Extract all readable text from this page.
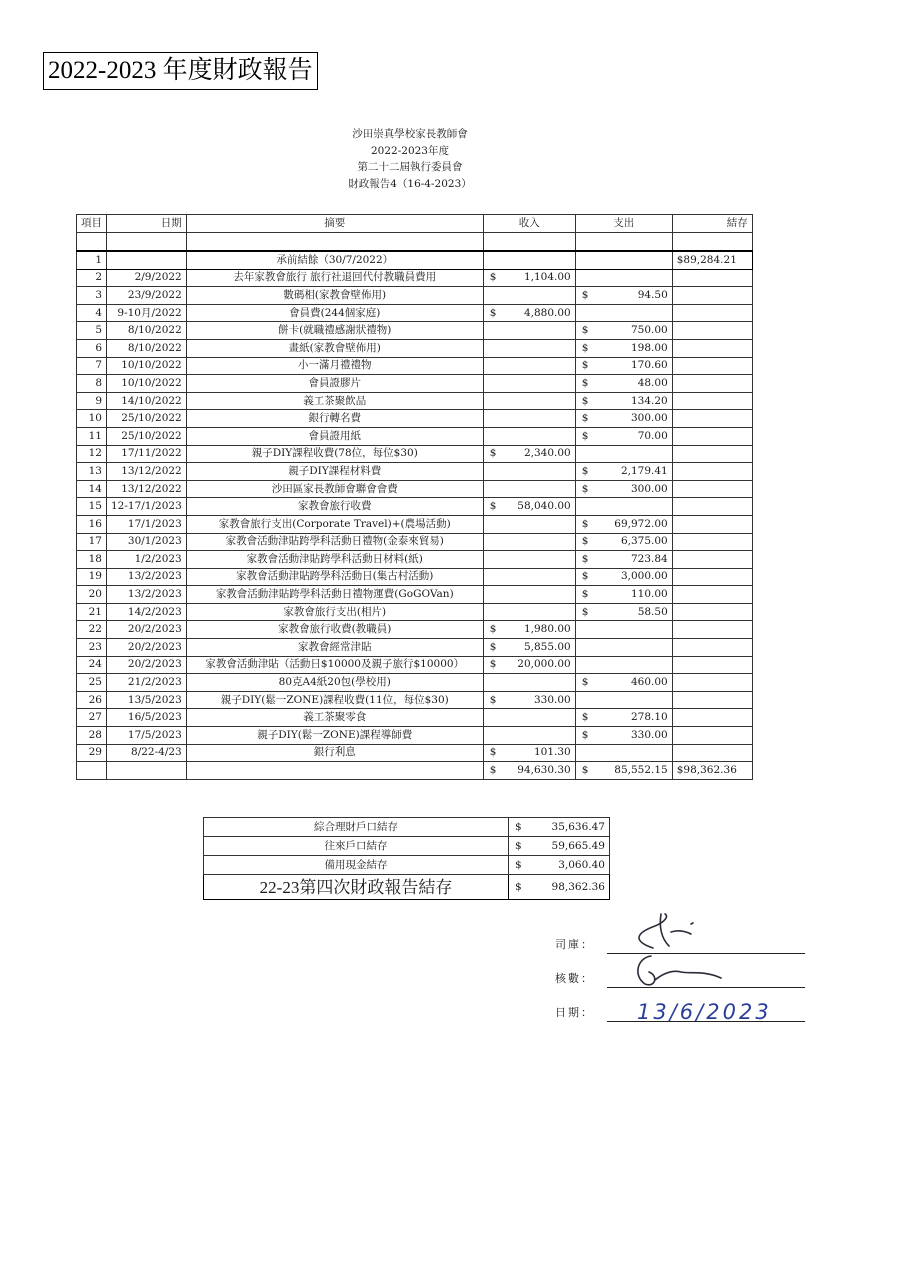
2022-2023 年度財政報告
沙田崇真學校家長教師會
2022-2023年度
第二十二屆執行委員會
財政報告4（16-4-2023）
項目	日期	摘要	收入	支出	結存

1		承前結餘（30/7/2022）			$89,284.21
2	2/9/2022	去年家教會旅行 旅行社退回代付教職員費用	$ 1,104.00		

3	23/9/2022	數碼相(家教會壁佈用)		$ 94.50	

4	9-10月/2022	會員費(244個家庭)	$ 4,880.00		

5	8/10/2022	餅卡(就職禮感謝狀禮物)		$ 750.00	

6	8/10/2022	畫紙(家教會壁佈用)		$ 198.00	

7	10/10/2022	小一滿月禮禮物		$ 170.60	

8	10/10/2022	會員證膠片		$ 48.00	

9	14/10/2022	義工茶聚飲品		$ 134.20	

10	25/10/2022	銀行轉名費		$ 300.00	

11	25/10/2022	會員證用紙		$ 70.00	

12	17/11/2022	親子DIY課程收費(78位，每位$30)	$ 2,340.00		

13	13/12/2022	親子DIY課程材料費		$ 2,179.41	

14	13/12/2022	沙田區家長教師會聯會會費		$ 300.00	

15	12-17/1/2023	家教會旅行收費	$ 58,040.00		

16	17/1/2023	家教會旅行支出(Corporate Travel)+(農場活動)		$ 69,972.00	

17	30/1/2023	家教會活動津貼跨學科活動日禮物(金泰來貿易)		$ 6,375.00	

18	1/2/2023	家教會活動津貼跨學科活動日材料(紙)		$ 723.84	

19	13/2/2023	家教會活動津貼跨學科活動日(集古村活動)		$ 3,000.00	

20	13/2/2023	家教會活動津貼跨學科活動日禮物運費(GoGOVan)		$ 110.00	

21	14/2/2023	家教會旅行支出(相片)		$ 58.50	

22	20/2/2023	家教會旅行收費(教職員)	$ 1,980.00		

23	20/2/2023	家教會經常津貼	$ 5,855.00		

24	20/2/2023	家教會活動津貼（活動日$10000及親子旅行$10000）	$ 20,000.00		

25	21/2/2023	80克A4紙20包(學校用)		$ 460.00	

26	13/5/2023	親子DIY(鬆一ZONE)課程收費(11位，每位$30)	$ 330.00		

27	16/5/2023	義工茶聚零食		$ 278.10	

28	17/5/2023	親子DIY(鬆一ZONE)課程導師費		$ 330.00	

29	8/22-4/23	銀行利息	$ 101.30		

			$ 94,630.30	$ 85,552.15	$98,362.36
綜合理財戶口結存	$ 35,636.47

往來戶口結存	$ 59,665.49

備用現金結存	$ 3,060.40

22-23第四次財政報告結存	$ 98,362.36
司庫：
核數：
日期： 13/6/2023
